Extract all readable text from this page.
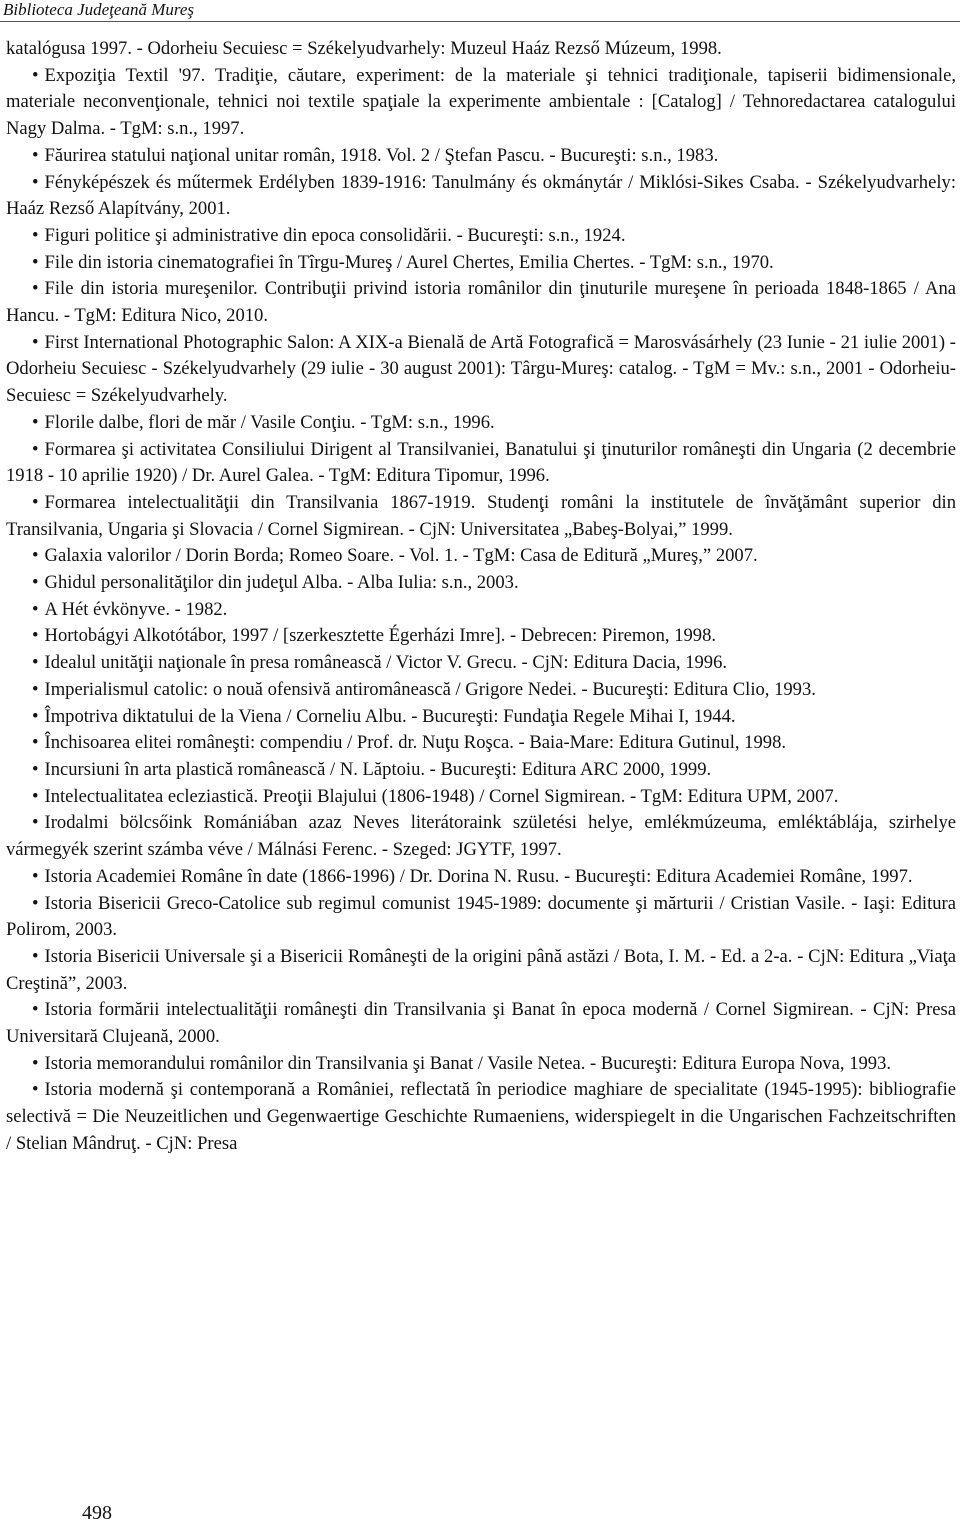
Biblioteca Judeţeană Mureş

katalógusa 1997. - Odorheiu Secuiesc = Székelyudvarhely: Muzeul Haáz Rezső Múzeum, 1998.

• Expoziţia Textil '97. Tradiţie, căutare, experiment: de la materiale şi tehnici tradiţionale, tapiserii bidimensionale, materiale neconvenţionale, tehnici noi textile spaţiale la experimente ambientale : [Catalog] / Tehnoredactarea catalogului Nagy Dalma. - TgM: s.n., 1997.

• Făurirea statului naţional unitar român, 1918. Vol. 2 / Ştefan Pascu. - Bucureşti: s.n., 1983.

• Fényképészek és műtermek Erdélyben 1839-1916: Tanulmány és okmánytár / Miklósi-Sikes Csaba. - Székelyudvarhely: Haáz Rezső Alapítvány, 2001.

• Figuri politice şi administrative din epoca consolidării. - Bucureşti: s.n., 1924.

• File din istoria cinematografiei în Tîrgu-Mureş / Aurel Chertes, Emilia Chertes. - TgM: s.n., 1970.

• File din istoria mureşenilor. Contribuţii privind istoria românilor din ţinuturile mureşene în perioada 1848-1865 / Ana Hancu. - TgM: Editura Nico, 2010.

• First International Photographic Salon: A XIX-a Bienală de Artă Fotografică = Marosvásárhely (23 Iunie - 21 iulie 2001) - Odorheiu Secuiesc - Székelyudvarhely (29 iulie - 30 august 2001): Târgu-Mureş: catalog. - TgM = Mv.: s.n., 2001 - Odorheiu-Secuiesc = Székelyudvarhely.

• Florile dalbe, flori de măr / Vasile Conţiu. - TgM: s.n., 1996.

• Formarea şi activitatea Consiliului Dirigent al Transilvaniei, Banatului şi ţinuturilor româneşti din Ungaria (2 decembrie 1918 - 10 aprilie 1920) / Dr. Aurel Galea. - TgM: Editura Tipomur, 1996.

• Formarea intelectualităţii din Transilvania 1867-1919. Studenţi români la institutele de învăţământ superior din Transilvania, Ungaria şi Slovacia / Cornel Sigmirean. - CjN: Universitatea „Babeş-Bolyai,” 1999.

• Galaxia valorilor / Dorin Borda; Romeo Soare. - Vol. 1. - TgM: Casa de Editură „Mureş,” 2007.

• Ghidul personalităţilor din judeţul Alba. - Alba Iulia: s.n., 2003.

• A Hét évkönyve. - 1982.

• Hortobágyi Alkotótábor, 1997 / [szerkesztette Égerházi Imre]. - Debrecen: Piremon, 1998.

• Idealul unităţii naţionale în presa românească / Victor V. Grecu. - CjN: Editura Dacia, 1996.

• Imperialismul catolic: o nouă ofensivă antiromânească / Grigore Nedei. - Bucureşti: Editura Clio, 1993.

• Împotriva diktatului de la Viena / Corneliu Albu. - Bucureşti: Fundaţia Regele Mihai I, 1944.

• Închisoarea elitei româneşti: compendiu / Prof. dr. Nuţu Roşca. - Baia-Mare: Editura Gutinul, 1998.

• Incursiuni în arta plastică românească / N. Lăptoiu. - Bucureşti: Editura ARC 2000, 1999.

• Intelectualitatea ecleziastică. Preoţii Blajului (1806-1948) / Cornel Sigmirean. - TgM: Editura UPM, 2007.

• Irodalmi bölcsőink Romániában azaz Neves literátoraink születési helye, emlékmúzeuma, emléktáblája, szirhelye vármegyék szerint számba véve / Málnási Ferenc. - Szeged: JGYTF, 1997.

• Istoria Academiei Române în date (1866-1996) / Dr. Dorina N. Rusu. - Bucureşti: Editura Academiei Române, 1997.

• Istoria Bisericii Greco-Catolice sub regimul comunist 1945-1989: documente şi mărturii / Cristian Vasile. - Iaşi: Editura Polirom, 2003.

• Istoria Bisericii Universale şi a Bisericii Româneşti de la origini până astăzi / Bota, I. M. - Ed. a 2-a. - CjN: Editura „Viaţa Creştină”, 2003.

• Istoria formării intelectualităţii româneşti din Transilvania şi Banat în epoca modernă / Cornel Sigmirean. - CjN: Presa Universitară Clujeană, 2000.

• Istoria memorandului românilor din Transilvania şi Banat / Vasile Netea. - Bucureşti: Editura Europa Nova, 1993.

• Istoria modernă şi contemporană a României, reflectată în periodice maghiare de specialitate (1945-1995): bibliografie selectivă = Die Neuzeitlichen und Gegenwaertige Geschichte Rumaeniens, widerspiegelt in die Ungarischen Fachzeitschriften / Stelian Mândruţ. - CjN: Presa

498
